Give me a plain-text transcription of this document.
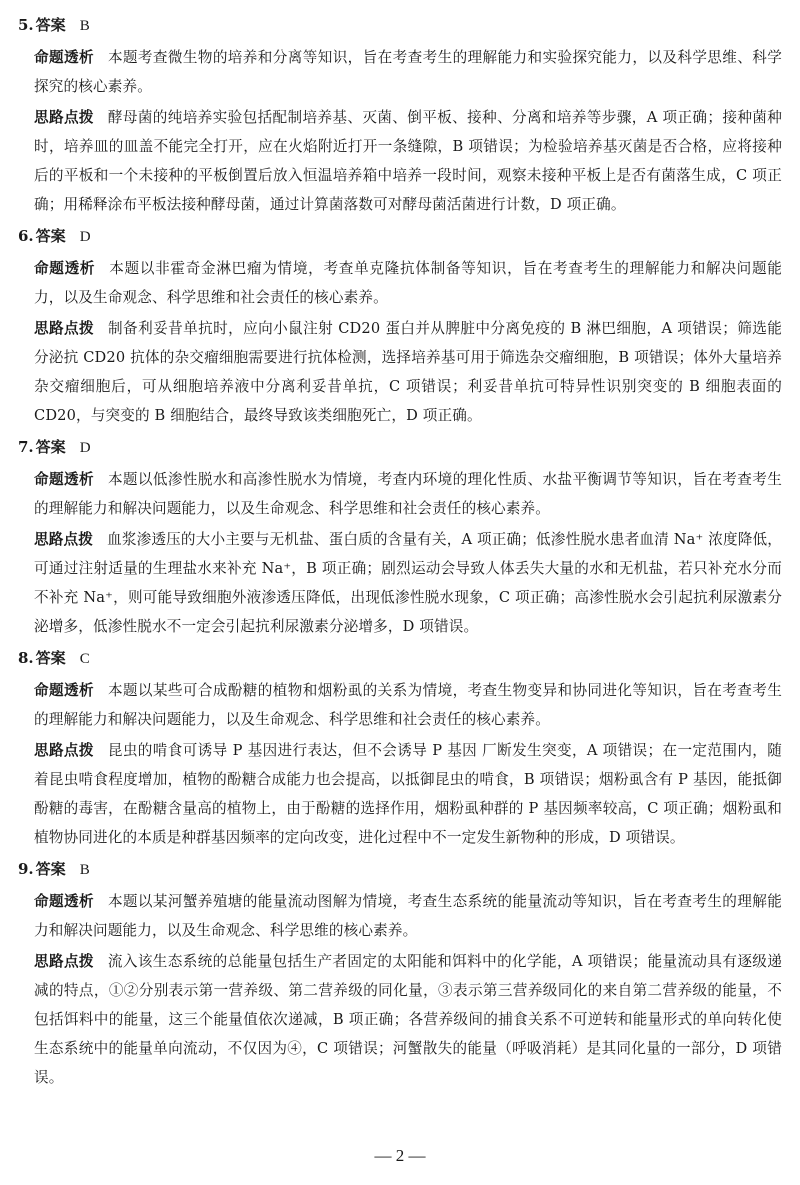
5. 答案 B

命题透析 本题考查微生物的培养和分离等知识，旨在考查考生的理解能力和实验探究能力，以及科学思维、科学探究的核心素养。

思路点拨 酵母菌的纯培养实验包括配制培养基、灭菌、倒平板、接种、分离和培养等步骤，A 项正确；接种菌种时，培养皿的皿盖不能完全打开，应在火焰附近打开一条缝隙，B 项错误；为检验培养基灭菌是否合格，应将接种后的平板和一个未接种的平板倒置后放入恒温培养箱中培养一段时间，观察未接种平板上是否有菌落生成，C 项正确；用稀释涂布平板法接种酵母菌，通过计算菌落数可对酵母菌活菌进行计数，D 项正确。

6. 答案 D

命题透析 本题以非霍奇金淋巴瘤为情境，考查单克隆抗体制备等知识，旨在考查考生的理解能力和解决问题能力，以及生命观念、科学思维和社会责任的核心素养。

思路点拨 制备利妥昔单抗时，应向小鼠注射 CD20 蛋白并从脾脏中分离免疫的 B 淋巴细胞，A 项错误；筛选能分泌抗 CD20 抗体的杂交瘤细胞需要进行抗体检测，选择培养基可用于筛选杂交瘤细胞，B 项错误；体外大量培养杂交瘤细胞后，可从细胞培养液中分离利妥昔单抗，C 项错误；利妥昔单抗可特异性识别突变的 B 细胞表面的 CD20，与突变的 B 细胞结合，最终导致该类细胞死亡，D 项正确。

7. 答案 D

命题透析 本题以低渗性脱水和高渗性脱水为情境，考查内环境的理化性质、水盐平衡调节等知识，旨在考查考生的理解能力和解决问题能力，以及生命观念、科学思维和社会责任的核心素养。

思路点拨 血浆渗透压的大小主要与无机盐、蛋白质的含量有关，A 项正确；低渗性脱水患者血清 Na⁺ 浓度降低，可通过注射适量的生理盐水来补充 Na⁺，B 项正确；剧烈运动会导致人体丢失大量的水和无机盐，若只补充水分而不补充 Na⁺，则可能导致细胞外液渗透压降低，出现低渗性脱水现象，C 项正确；高渗性脱水会引起抗利尿激素分泌增多，低渗性脱水不一定会引起抗利尿激素分泌增多，D 项错误。

8. 答案 C

命题透析 本题以某些可合成酚糖的植物和烟粉虱的关系为情境，考查生物变异和协同进化等知识，旨在考查考生的理解能力和解决问题能力，以及生命观念、科学思维和社会责任的核心素养。

思路点拨 昆虫的啃食可诱导 P 基因进行表达，但不会诱导 P 基因 厂断发生突变，A 项错误；在一定范围内，随着昆虫啃食程度增加，植物的酚糖合成能力也会提高，以抵御昆虫的啃食，B 项错误；烟粉虱含有 P 基因，能抵御酚糖的毒害，在酚糖含量高的植物上，由于酚糖的选择作用，烟粉虱种群的 P 基因频率较高，C 项正确；烟粉虱和植物协同进化的本质是种群基因频率的定向改变，进化过程中不一定发生新物种的形成，D 项错误。

9. 答案 B

命题透析 本题以某河蟹养殖塘的能量流动图解为情境，考查生态系统的能量流动等知识，旨在考查考生的理解能力和解决问题能力，以及生命观念、科学思维的核心素养。

思路点拨 流入该生态系统的总能量包括生产者固定的太阳能和饵料中的化学能，A 项错误；能量流动具有逐级递减的特点，①②分别表示第一营养级、第二营养级的同化量，③表示第三营养级同化的来自第二营养级的能量，不包括饵料中的能量，这三个能量值依次递减，B 项正确；各营养级间的捕食关系不可逆转和能量形式的单向转化使生态系统中的能量单向流动，不仅因为④，C 项错误；河蟹散失的能量（呼吸消耗）是其同化量的一部分，D 项错误。

— 2 —
